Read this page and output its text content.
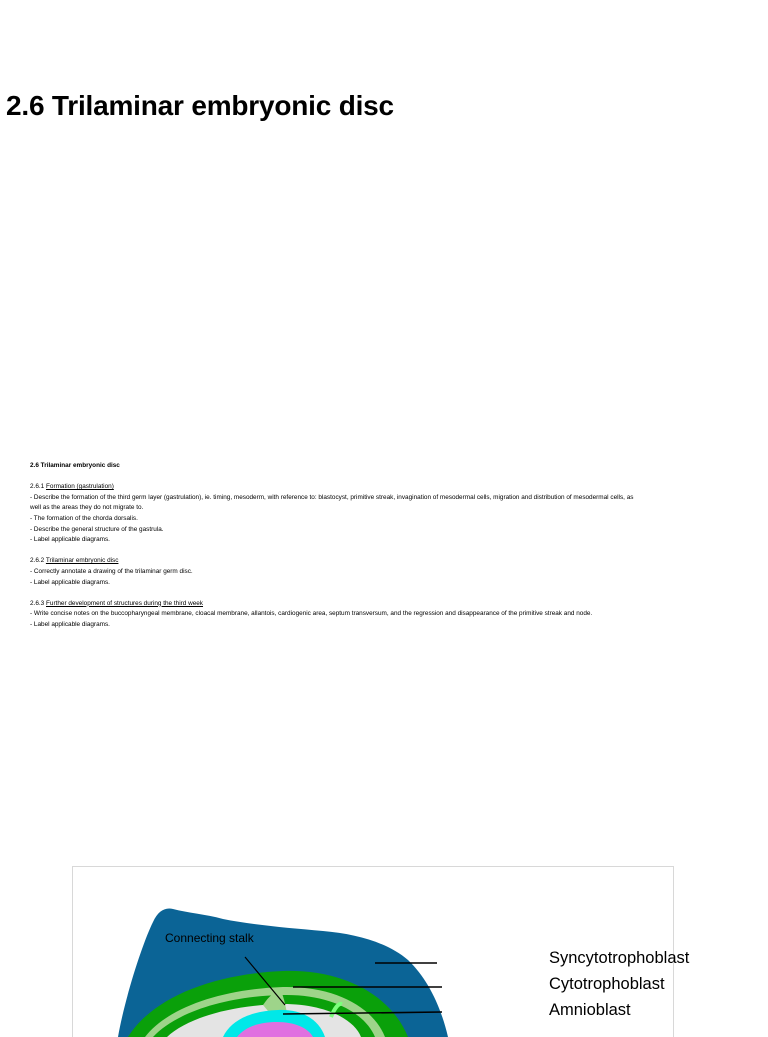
2.6 Trilaminar embryonic disc

2.6 Trilaminar embryonic disc

2.6.1 Formation (gastrulation)

- Describe the formation of the third germ layer (gastrulation), ie. timing, mesoderm, with reference to: blastocyst, primitive streak, invagination of mesodermal cells, migration and distribution of mesodermal cells, as well as the areas they do not migrate to.

- The formation of the chorda dorsalis.

- Describe the general structure of the gastrula.

- Label applicable diagrams.

2.6.2 Trilaminar embryonic disc

- Correctly annotate a drawing of the trilaminar germ disc.

- Label applicable diagrams.

2.6.3 Further development of structures during the third week

- Write concise notes on the buccopharyngeal membrane, cloacal membrane, allantois, cardiogenic area, septum transversum, and the regression and disappearance of the primitive streak and node.

- Label applicable diagrams.

Connecting stalk
Syncytotrophoblast
Cytotrophoblast
Amnioblast
